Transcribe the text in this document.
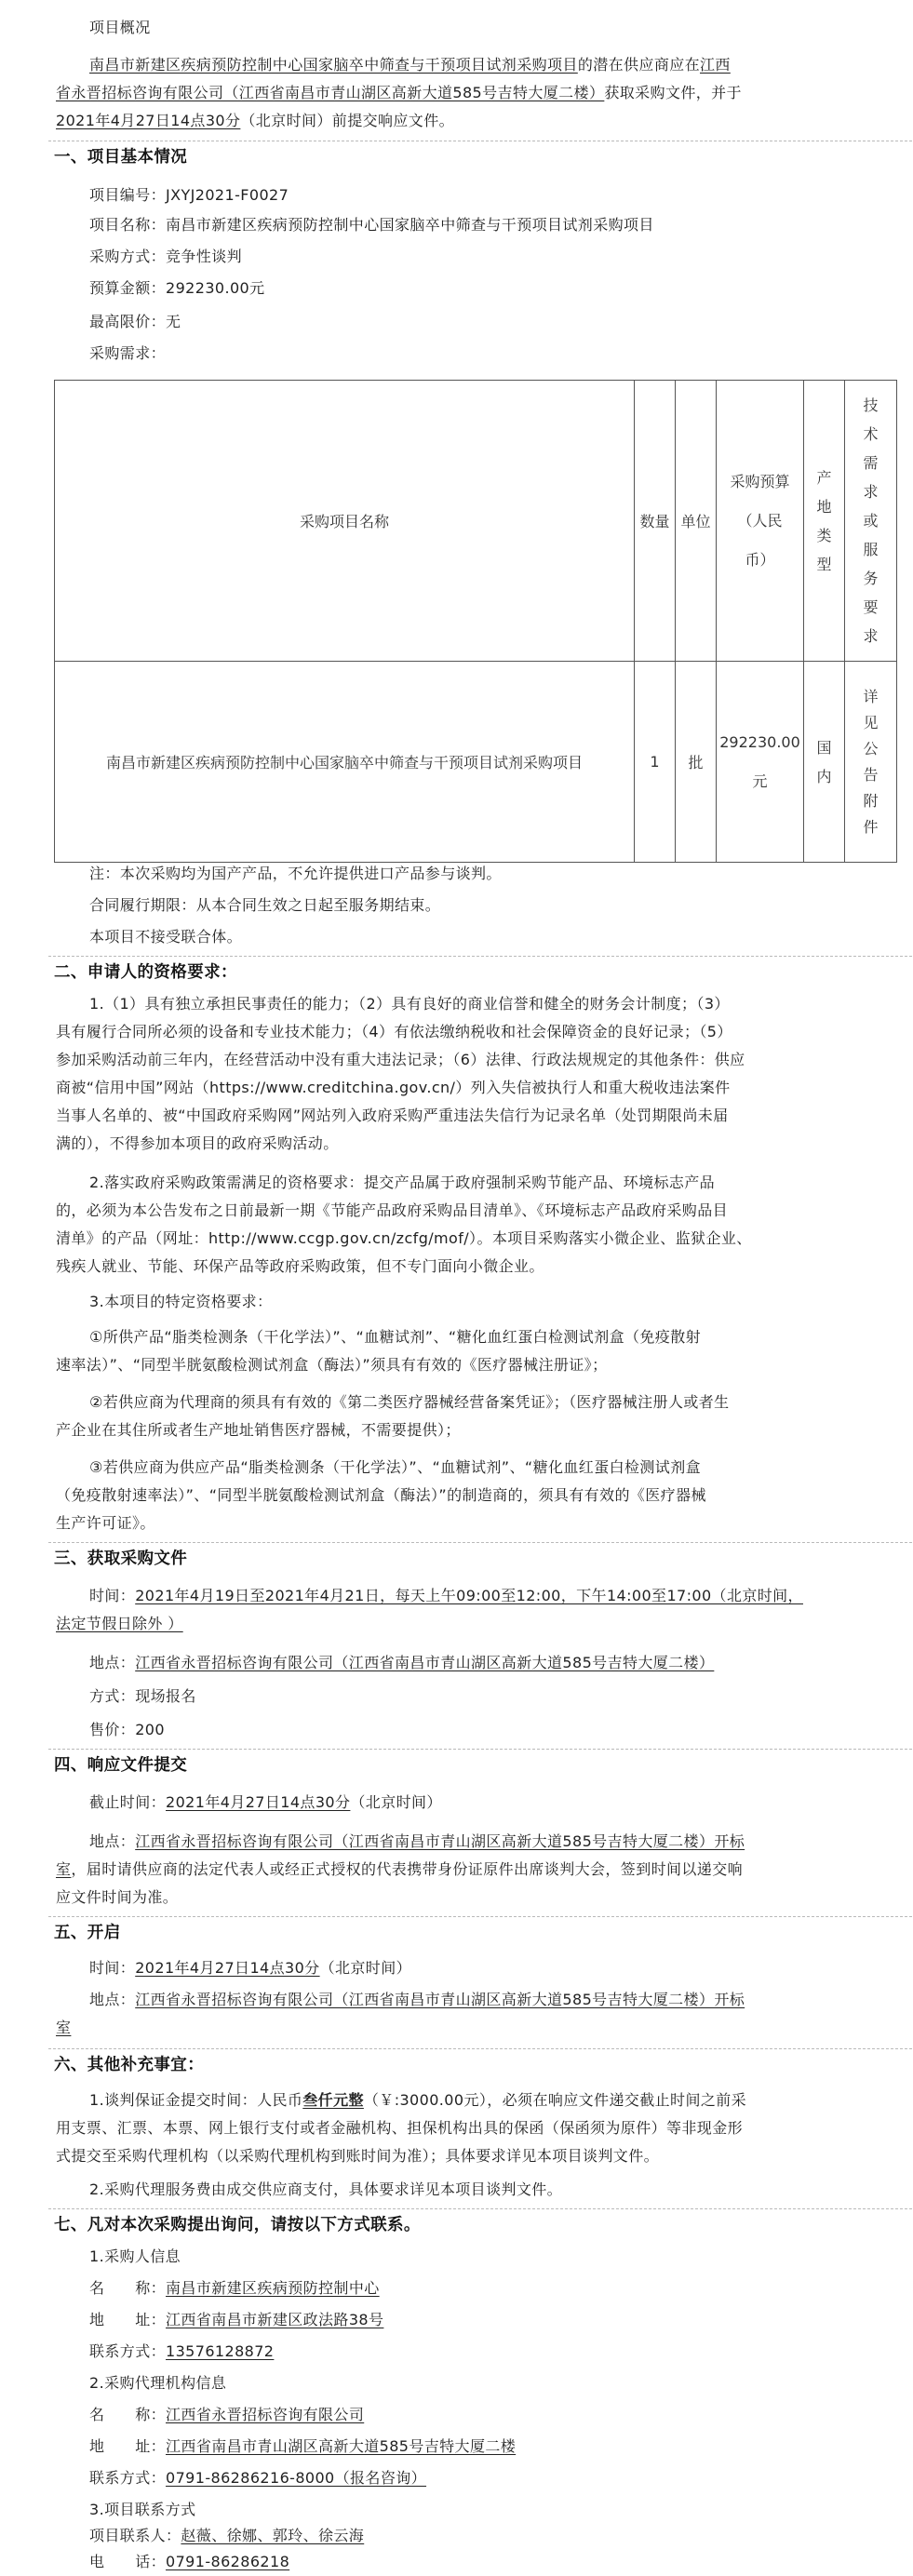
项目概况
南昌市新建区疾病预防控制中心国家脑卒中筛查与干预项目试剂采购项目的潜在供应商应在江西
省永晋招标咨询有限公司（江西省南昌市青山湖区高新大道585号吉特大厦二楼）获取采购文件，并于
2021年4月27日14点30分（北京时间）前提交响应文件。
一、项目基本情况
项目编号：JXYJ2021-F0027
项目名称：南昌市新建区疾病预防控制中心国家脑卒中筛查与干预项目试剂采购项目
采购方式：竞争性谈判
预算金额：292230.00元
最高限价：无
采购需求：
采购项目名称	数量	单位	采购预算（人民币）	产地类型	技术需求或服务要求

南昌市新建区疾病预防控制中心国家脑卒中筛查与干预项目试剂采购项目	1	批	292230.00元	国内	详见公告附件
注：本次采购均为国产产品，不允许提供进口产品参与谈判。
合同履行期限：从本合同生效之日起至服务期结束。
本项目不接受联合体。
二、申请人的资格要求：
1.（1）具有独立承担民事责任的能力；（2）具有良好的商业信誉和健全的财务会计制度；（3）
具有履行合同所必须的设备和专业技术能力；（4）有依法缴纳税收和社会保障资金的良好记录；（5）
参加采购活动前三年内，在经营活动中没有重大违法记录；（6）法律、行政法规规定的其他条件：供应
商被“信用中国”网站（https://www.creditchina.gov.cn/）列入失信被执行人和重大税收违法案件
当事人名单的、被“中国政府采购网”网站列入政府采购严重违法失信行为记录名单（处罚期限尚未届
满的），不得参加本项目的政府采购活动。
2.落实政府采购政策需满足的资格要求：提交产品属于政府强制采购节能产品、环境标志产品
的，必须为本公告发布之日前最新一期《节能产品政府采购品目清单》、《环境标志产品政府采购品目
清单》的产品（网址：http://www.ccgp.gov.cn/zcfg/mof/）。本项目采购落实小微企业、监狱企业、
残疾人就业、节能、环保产品等政府采购政策，但不专门面向小微企业。
3.本项目的特定资格要求：
①所供产品“脂类检测条（干化学法）”、“血糖试剂”、“糖化血红蛋白检测试剂盒（免疫散射
速率法）”、“同型半胱氨酸检测试剂盒（酶法）”须具有有效的《医疗器械注册证》；
②若供应商为代理商的须具有有效的《第二类医疗器械经营备案凭证》；（医疗器械注册人或者生
产企业在其住所或者生产地址销售医疗器械，不需要提供）；
③若供应商为供应产品“脂类检测条（干化学法）”、“血糖试剂”、“糖化血红蛋白检测试剂盒
（免疫散射速率法）”、“同型半胱氨酸检测试剂盒（酶法）”的制造商的，须具有有效的《医疗器械
生产许可证》。
三、获取采购文件
时间：2021年4月19日至2021年4月21日，每天上午09:00至12:00，下午14:00至17:00（北京时间，
法定节假日除外 ）
地点：江西省永晋招标咨询有限公司（江西省南昌市青山湖区高新大道585号吉特大厦二楼）
方式：现场报名
售价：200
四、响应文件提交
截止时间：2021年4月27日14点30分（北京时间）
地点：江西省永晋招标咨询有限公司（江西省南昌市青山湖区高新大道585号吉特大厦二楼）开标
室，届时请供应商的法定代表人或经正式授权的代表携带身份证原件出席谈判大会，签到时间以递交响
应文件时间为准。
五、开启
时间：2021年4月27日14点30分（北京时间）
地点：江西省永晋招标咨询有限公司（江西省南昌市青山湖区高新大道585号吉特大厦二楼）开标
室
六、其他补充事宜：
1.谈判保证金提交时间：人民币叁仟元整（￥:3000.00元），必须在响应文件递交截止时间之前采
用支票、汇票、本票、网上银行支付或者金融机构、担保机构出具的保函（保函须为原件）等非现金形
式提交至采购代理机构（以采购代理机构到账时间为准）；具体要求详见本项目谈判文件。
2.采购代理服务费由成交供应商支付，具体要求详见本项目谈判文件。
七、凡对本次采购提出询问，请按以下方式联系。
1.采购人信息
名　　称：南昌市新建区疾病预防控制中心
地　　址：江西省南昌市新建区政法路38号
联系方式：13576128872
2.采购代理机构信息
名　　称：江西省永晋招标咨询有限公司
地　　址：江西省南昌市青山湖区高新大道585号吉特大厦二楼
联系方式：0791-86286216-8000（报名咨询）
3.项目联系方式
项目联系人：赵薇、徐娜、郭玲、徐云海
电　　话：0791-86286218
